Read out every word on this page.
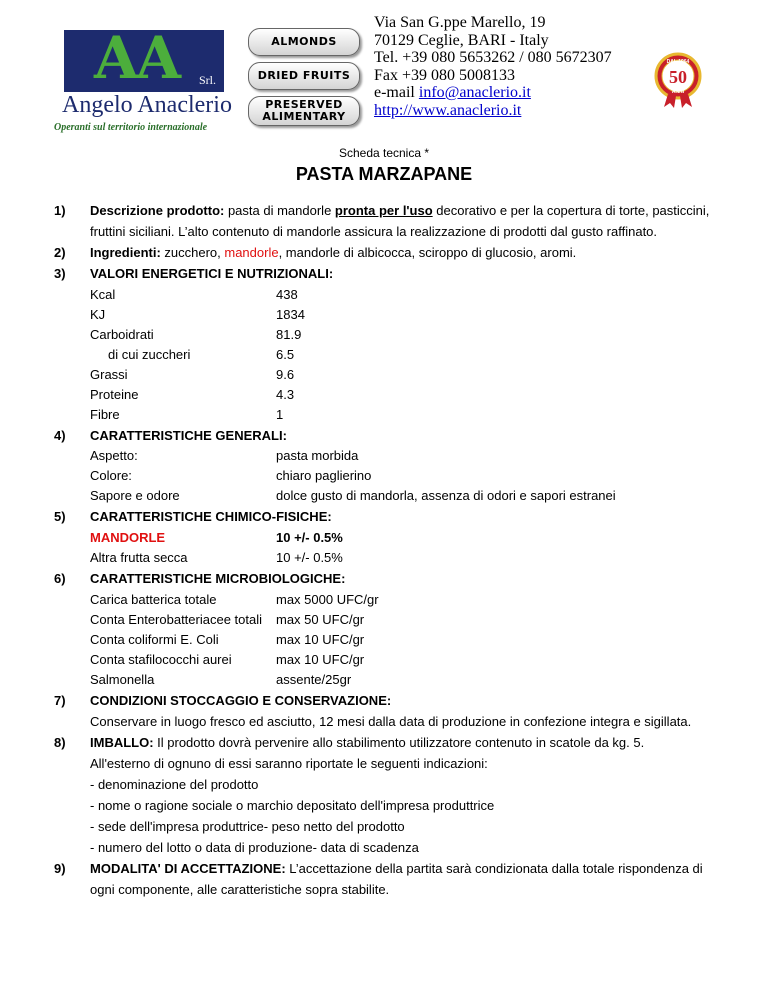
A
A Srl.
Angelo Anaclerio
Operanti sul territorio internazionale
ALMONDS
DRIED FRUITS
PRESERVED ALIMENTARY
Via San G.ppe Marello, 19
70129 Ceglie, BARI - Italy
Tel. +39 080 5653262 / 080 5672307
Fax +39 080 5008133
e-mail info@anaclerio.it
http://www.anaclerio.it
DAL 1964
50
ANNI
Scheda tecnica *
PASTA MARZAPANE
1) Descrizione prodotto: pasta di mandorle pronta per l'uso decorativo e per la copertura di torte, pasticcini,
fruttini siciliani. L’alto contenuto di mandorle assicura la realizzazione di prodotti dal gusto raffinato.
2) Ingredienti: zucchero, mandorle, mandorle di albicocca, sciroppo di glucosio, aromi.
3) VALORI ENERGETICI E NUTRIZIONALI:
Kcal	438
KJ	1834
Carboidrati	81.9
di cui zuccheri	6.5
Grassi	9.6
Proteine	4.3
Fibre	1
4) CARATTERISTICHE GENERALI:
Aspetto:	pasta morbida
Colore:	chiaro paglierino
Sapore e odore	dolce gusto di mandorla, assenza di odori e sapori estranei
5) CARATTERISTICHE CHIMICO-FISICHE:
MANDORLE	10 +/- 0.5%
Altra frutta secca	10 +/- 0.5%
6) CARATTERISTICHE MICROBIOLOGICHE:
Carica batterica totale	max 5000 UFC/gr
Conta Enterobatteriacee totali max 50 UFC/gr
Conta coliformi E. Coli	max 10 UFC/gr
Conta stafilococchi aurei	max 10 UFC/gr
Salmonella	assente/25gr
7) CONDIZIONI STOCCAGGIO E CONSERVAZIONE:
Conservare in luogo fresco ed asciutto, 12 mesi dalla data di produzione in confezione integra e sigillata.
8) IMBALLO: Il prodotto dovrà pervenire allo stabilimento utilizzatore contenuto in scatole da kg. 5.
All'esterno di ognuno di essi saranno riportate le seguenti indicazioni:
- denominazione del prodotto
- nome o ragione sociale o marchio depositato dell'impresa produttrice
- sede dell'impresa produttrice- peso netto del prodotto
- numero del lotto o data di produzione- data di scadenza
9) MODALITA' DI ACCETTAZIONE: L’accettazione della partita sarà condizionata dalla totale rispondenza di
ogni componente, alle caratteristiche sopra stabilite.
